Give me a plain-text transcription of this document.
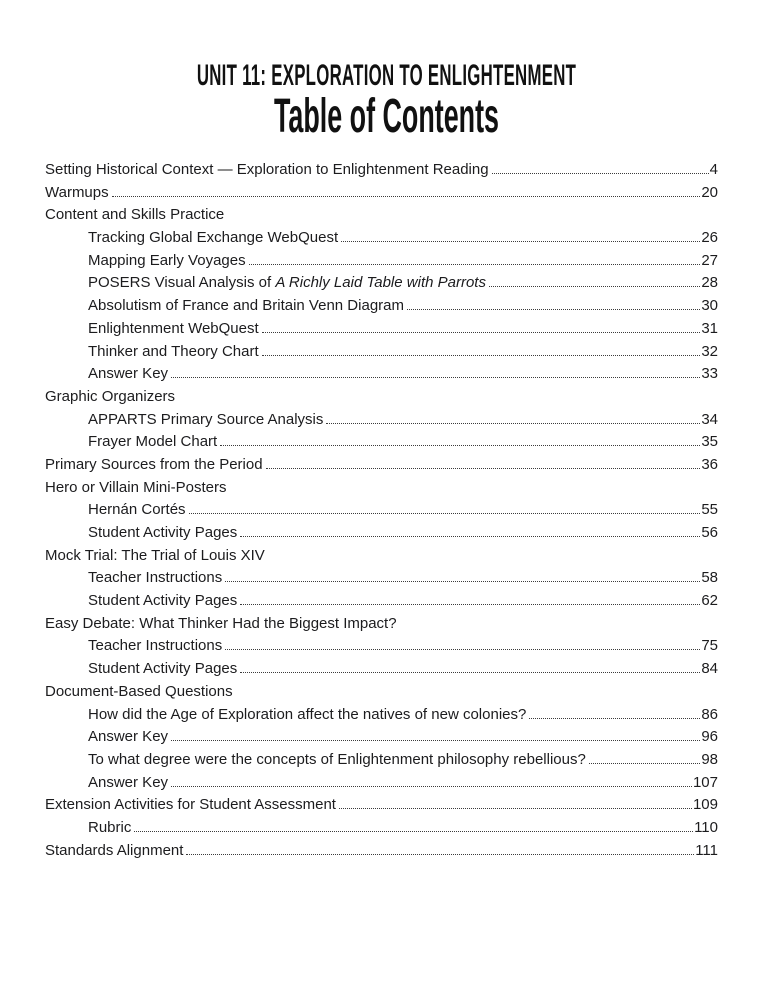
UNIT 11: EXPLORATION TO ENLIGHTENMENT
Table of Contents
Setting Historical Context — Exploration to Enlightenment Reading	4
Warmups	20
Content and Skills Practice
Tracking Global Exchange WebQuest	26
Mapping Early Voyages	27
POSERS Visual Analysis of A Richly Laid Table with Parrots	28
Absolutism of France and Britain Venn Diagram	30
Enlightenment WebQuest	31
Thinker and Theory Chart	32
Answer Key	33
Graphic Organizers
APPARTS Primary Source Analysis	34
Frayer Model Chart	35
Primary Sources from the Period	36
Hero or Villain Mini-Posters
Hernán Cortés	55
Student Activity Pages	56
Mock Trial: The Trial of Louis XIV
Teacher Instructions	58
Student Activity Pages	62
Easy Debate: What Thinker Had the Biggest Impact?
Teacher Instructions	75
Student Activity Pages	84
Document-Based Questions
How did the Age of Exploration affect the natives of new colonies?	86
Answer Key	96
To what degree were the concepts of Enlightenment philosophy rebellious?	98
Answer Key	107
Extension Activities for Student Assessment	109
Rubric	110
Standards Alignment	111
